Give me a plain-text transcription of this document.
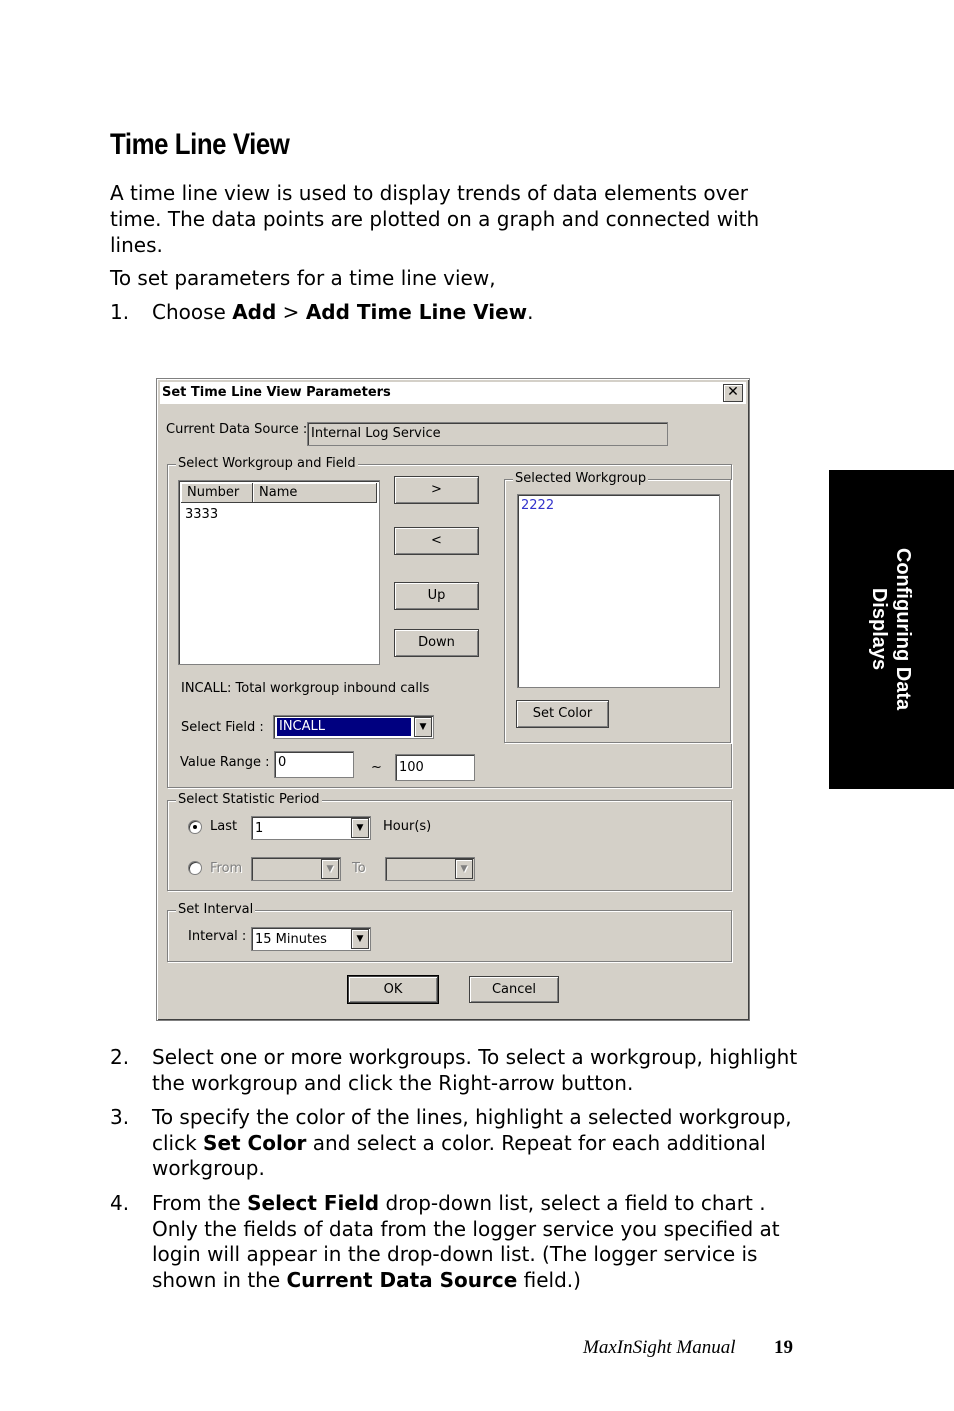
Time Line View

A time line view is used to display trends of data elements over time. The data points are plotted on a graph and connected with lines.

To set parameters for a time line view,

1. Choose Add > Add Time Line View.
Set Time Line View Parameters	✕
Current Data Source : Internal Log Service
Select Workgroup and Field
Number	Name
3333
>
<
Up
Down
Selected Workgroup
2222
Set Color
INCALL: Total workgroup inbound calls
Select Field : INCALL	▼
Value Range : 0	~	100
Select Statistic Period
Last 1	▼	Hour(s)
From	▼	To	▼
Set Interval
Interval : 15 Minutes	▼
OK	Cancel
2. Select one or more workgroups. To select a workgroup, highlight the workgroup and click the Right-arrow button.
3. To specify the color of the lines, highlight a selected workgroup, click Set Color and select a color. Repeat for each additional workgroup.
4. From the Select Field drop-down list, select a field to chart . Only the fields of data from the logger service you specified at login will appear in the drop-down list. (The logger service is shown in the Current Data Source field.)
Configuring Data
Displays
MaxInSight Manual 19
